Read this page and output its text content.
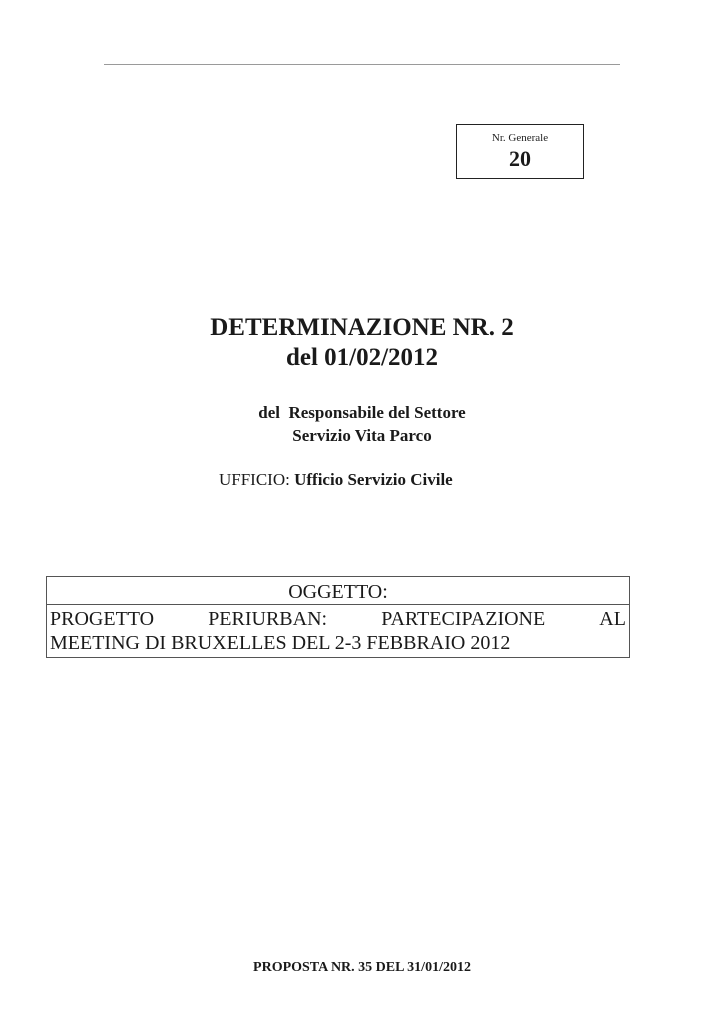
Nr. Generale
20
DETERMINAZIONE NR. 2
del 01/02/2012
del  Responsabile del Settore
Servizio Vita Parco
UFFICIO: Ufficio Servizio Civile
OGGETTO:
PROGETTO	PERIURBAN:	PARTECIPAZIONE	AL
MEETING DI BRUXELLES DEL 2-3 FEBBRAIO 2012
PROPOSTA NR. 35 DEL 31/01/2012
